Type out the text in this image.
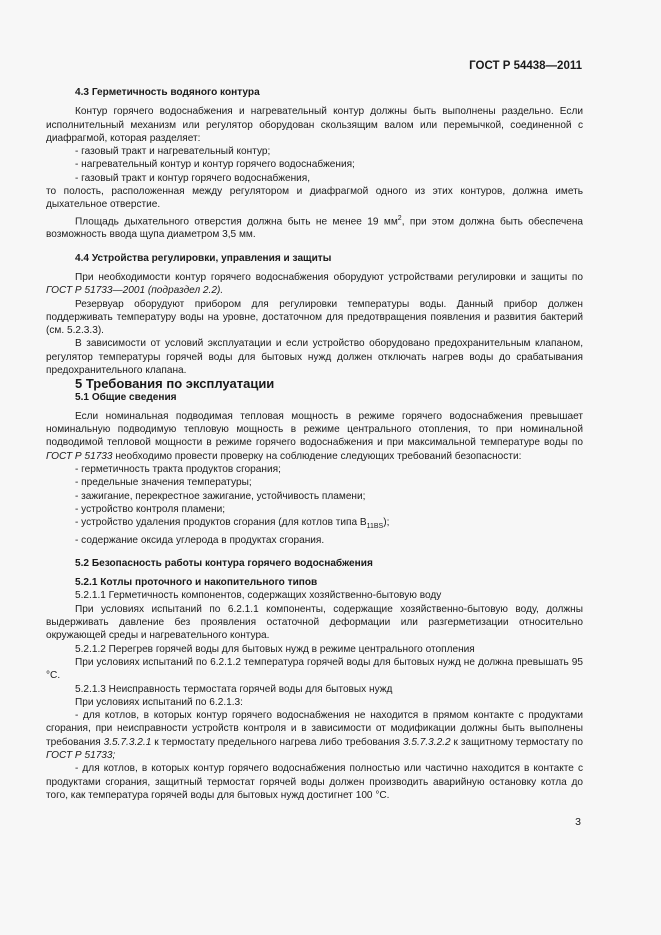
ГОСТ Р 54438—2011

4.3 Герметичность водяного контура

Контур горячего водоснабжения и нагревательный контур должны быть выполнены раздельно. Если исполнительный механизм или регулятор оборудован скользящим валом или перемычкой, соединенной с диафрагмой, которая разделяет:

- газовый тракт и нагревательный контур;

- нагревательный контур и контур горячего водоснабжения;

- газовый тракт и контур горячего водоснабжения,

то полость, расположенная между регулятором и диафрагмой одного из этих контуров, должна иметь дыхательное отверстие.

Площадь дыхательного отверстия должна быть не менее 19 $мм^2$, при этом должна быть обеспечена возможность ввода щупа диаметром 3,5 мм.

4.4 Устройства регулировки, управления и защиты

При необходимости контур горячего водоснабжения оборудуют устройствами регулировки и защиты по ГОСТ Р 51733—2001 (подраздел 2.2).

Резервуар оборудуют прибором для регулировки температуры воды. Данный прибор должен поддерживать температуру воды на уровне, достаточном для предотвращения появления и развития бактерий (см. 5.2.3.3).

В зависимости от условий эксплуатации и если устройство оборудовано предохранительным клапаном, регулятор температуры горячей воды для бытовых нужд должен отключать нагрев воды до срабатывания предохранительного клапана.

5 Требования по эксплуатации

5.1 Общие сведения

Если номинальная подводимая тепловая мощность в режиме горячего водоснабжения превышает номинальную подводимую тепловую мощность в режиме центрального отопления, то при номинальной подводимой тепловой мощности в режиме горячего водоснабжения и при максимальной температуре воды по ГОСТ Р 51733 необходимо провести проверку на соблюдение следующих требований безопасности:

- герметичность тракта продуктов сгорания;

- предельные значения температуры;

- зажигание, перекрестное зажигание, устойчивость пламени;

- устройство контроля пламени;

- устройство удаления продуктов сгорания (для котлов типа $B_{11BS}$);

- содержание оксида углерода в продуктах сгорания.

5.2 Безопасность работы контура горячего водоснабжения

5.2.1 Котлы проточного и накопительного типов

5.2.1.1 Герметичность компонентов, содержащих хозяйственно-бытовую воду

При условиях испытаний по 6.2.1.1 компоненты, содержащие хозяйственно-бытовую воду, должны выдерживать давление без проявления остаточной деформации или разгерметизации относительно окружающей среды и нагревательного контура.

5.2.1.2 Перегрев горячей воды для бытовых нужд в режиме центрального отопления

При условиях испытаний по 6.2.1.2 температура горячей воды для бытовых нужд не должна превышать 95 °С.

5.2.1.3 Неисправность термостата горячей воды для бытовых нужд

При условиях испытаний по 6.2.1.3:

- для котлов, в которых контур горячего водоснабжения не находится в прямом контакте с продуктами сгорания, при неисправности устройств контроля и в зависимости от модификации должны быть выполнены требования 3.5.7.3.2.1 к термостату предельного нагрева либо требования 3.5.7.3.2.2 к защитному термостату по ГОСТ Р 51733;

- для котлов, в которых контур горячего водоснабжения полностью или частично находится в контакте с продуктами сгорания, защитный термостат горячей воды должен производить аварийную остановку котла до того, как температура горячей воды для бытовых нужд достигнет 100 °С.

3
